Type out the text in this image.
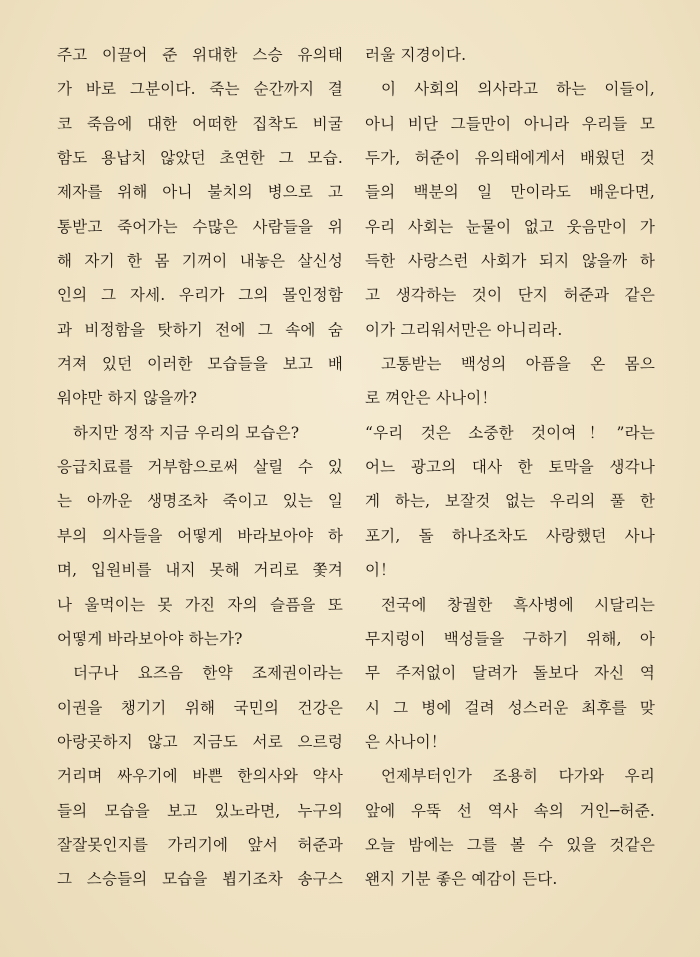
주고 이끌어 준 위대한 스승 유의태
가 바로 그분이다. 죽는 순간까지 결
코 죽음에 대한 어떠한 집착도 비굴
함도 용납치 않았던 초연한 그 모습.
제자를 위해 아니 불치의 병으로 고
통받고 죽어가는 수많은 사람들을 위
해 자기 한 몸 기꺼이 내놓은 살신성
인의 그 자세. 우리가 그의 몰인정함
과 비정함을 탓하기 전에 그 속에 숨
겨져 있던 이러한 모습들을 보고 배
워야만 하지 않을까?
하지만 정작 지금 우리의 모습은?
응급치료를 거부함으로써 살릴 수 있
는 아까운 생명조차 죽이고 있는 일
부의 의사들을 어떻게 바라보아야 하
며, 입원비를 내지 못해 거리로 쫓겨
나 울먹이는 못 가진 자의 슬픔을 또
어떻게 바라보아야 하는가?
더구나 요즈음 한약 조제권이라는
이권을 챙기기 위해 국민의 건강은
아랑곳하지 않고 지금도 서로 으르렁
거리며 싸우기에 바쁜 한의사와 약사
들의 모습을 보고 있노라면, 누구의
잘잘못인지를 가리기에 앞서 허준과
그 스승들의 모습을 뵙기조차 송구스
러울 지경이다.
이 사회의 의사라고 하는 이들이,
아니 비단 그들만이 아니라 우리들 모
두가, 허준이 유의태에게서 배웠던 것
들의 백분의 일 만이라도 배운다면,
우리 사회는 눈물이 없고 웃음만이 가
득한 사랑스런 사회가 되지 않을까 하
고 생각하는 것이 단지 허준과 같은
이가 그리워서만은 아니리라.
고통받는 백성의 아픔을 온 몸으
로 껴안은 사나이！
“우리 것은 소중한 것이여！”라는
어느 광고의 대사 한 토막을 생각나
게 하는, 보잘것 없는 우리의 풀 한
포기, 돌 하나조차도 사랑했던 사나
이！
전국에 창궐한 흑사병에 시달리는
무지렁이 백성들을 구하기 위해, 아
무 주저없이 달려가 돌보다 자신 역
시 그 병에 걸려 성스러운 최후를 맞
은 사나이！
언제부터인가 조용히 다가와 우리
앞에 우뚝 선 역사 속의 거인─허준.
오늘 밤에는 그를 볼 수 있을 것같은
왠지 기분 좋은 예감이 든다.
